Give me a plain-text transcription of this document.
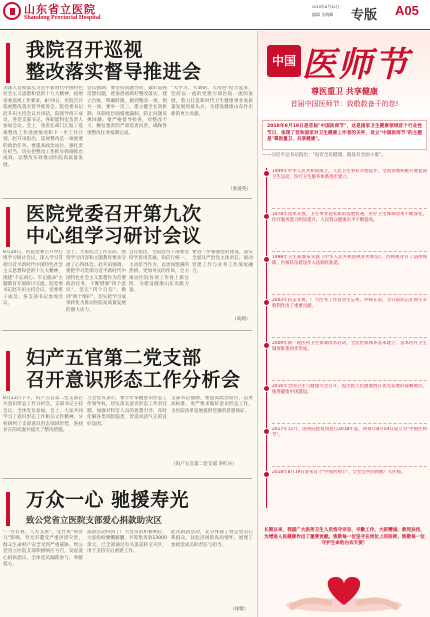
山东省立医院
Shandong Provincial Hospital
2019年8月31日
编辑 戈晓峰 专版 A05
我院召开巡视
整改落实督导推进会
为深入贯彻落实习近平新时代中国特色社会主义思想和党的十九大精神，按照省委巡视工作要求，8月9日，医院召开巡视整改落实督导推进会。院党委书记赵升田主持会议并讲话，院领导班子成员、各党支部书记、各职能科室负责人参加会议。会上，各责任部门汇报了巡视整改工作进展情况和下一步工作计划。赵升田指出，巡视整改是一项重要的政治任务，要提高政治站位，强化责任担当，切实把整改工作抓实抓细抓出成效，以整改实效推动医院高质量发展。
会议强调，要坚持问题导向，紧盯巡视反馈问题，逐条逐项抓好整改落实，建立台账，明确时限，做到整改一项、销号一项。要举一反三，建立健全长效机制，从制度层面堵塞漏洞，防止问题反弹回潮。要严格督导检查，对整改不力、敷衍塞责的严肃追责问责，确保各项整改任务按期完成。
"大学习、大调研、大改进"结合起来，坚持以一流的党建引领医院一流的发展，着力打造新时代卫生健康事业高质量发展的排头兵，为建设健康山东作出新的更大贡献。
（张爱英）
医院党委召开第九次
中心组学习研讨会议
8月20日，医院党委召开中心组学习研讨会议，深入学习贯彻习近平新时代中国特色社会主义思想和党的十九大精神，围绕"不忘初心、牢记使命"主题教育开展研讨交流。院党委书记赵升田主持会议，党委班子成员、各支部书记参加会议。
会上，大家结合工作实际，围绕学习内容和主题教育要求交流了心得体会。赵升田强调，要把学习贯彻习近平新时代中国特色社会主义思想作为首要政治任务，不断增强"四个意识"、坚定"四个自信"、做到"两个维护"，切实把学习成果转化为推动医院高质量发展的强大动力。
会议指出，全院党员干部要坚持学思用贯通、知信行统一，主动担当作为，以更加饱满的热情、更加务实的作风，全力推动医院各项工作再上新台阶，为建设健康山东贡献力量。
要进一步加强党的建设，落实全面从严治党主体责任，推动党建工作与业务工作深度融合。
（高婧）
妇产五官第二党支部
召开意识形态工作分析会
8月23日下午，妇产五官第二党支部召开意识形态工作分析会。支部书记主持会议，全体党员参加。会上，大家共同学习了意识形态工作相关文件精神，分析研判了支部意识形态领域形势，查找存在的问题并提出了整改措施。
与会党员表示，要牢牢掌握意识形态工作领导权，切实落实意识形态工作责任制，加强对科室人员的思想引导，及时化解各类风险隐患，营造风清气正的良好氛围。
支部书记强调，要提高政治站位，以更高标准、更严要求做好意识形态工作，为医院改革发展提供坚强的思想保证。
（妇产五官第二党支部 李红兵）
万众一心 驰援寿光
致公党省立医院支部爱心捐款助灾区
"一方有难，八方支援"。受台风"利奇马"影响，寿光市遭受严重洪涝灾害，群众生命财产安全受到严重威胁。致公党省立医院支部积极响应号召，发起爱心捐款倡议，全体党员踊跃参与，奉献爱心。
捐款活动得到了广大党员的积极响应，大家纷纷慷慨解囊，共筹集善款13000余元，已全部通过有关渠道转交灾区，用于支持灾后重建工作。
此次捐款活动，充分体现了致公党员心系群众、扶危济困的高尚情怀，展现了参政党成员的责任与担当。
（徐婕）
中国 医师节
尊医重卫 共享健康
首届中国医师节：致敬救备千的您!
2018年8月19日是首届"中国医师节"，这是国家卫生健康领域首个行业性节日，体现了党和国家对卫生健康工作者的关怀，设立"中国医师节"的主题是"尊医重卫、共享健康"。
——习近平总书记指出："没有全民健康，就没有全面小康"。
1949年中华人民共和国成立，人民卫生事业开始起步，全国各地积极开展爱国卫生运动，医疗卫生服务体系逐步建立。
1978年改革开放，卫生事业迎来新的发展机遇，医疗卫生体制改革不断深化，医疗服务能力明显提升，人民群众健康水平不断提高。
1998年卫生部颁布实施《中华人民共和国执业医师法》，医师执业有了法律保障，医师队伍建设步入法制化轨道。
2003年抗击非典，广大医务工作者舍生忘死、冲锋在前，为夺取抗击非典斗争胜利作出了重要贡献。
2009年新一轮医药卫生体制改革启动，全民医保体系基本建立，基本医疗卫生制度框架初步形成。
2016年全国卫生与健康大会召开，提出把人民健康放在优先发展的战略地位，推进健康中国建设。
2017年11月，国务院批复同意自2018年起，将每年8月19日设立为"中国医师节"。
2018年8月19日迎来首个"中国医师节"，全社会共同致敬广大医师。
长期以来，我国广大医务卫生人员恪守宗旨、辛勤工作，大医精诚、救死扶伤，为增进人民健康作出了重要贡献。致敬每一位坚守在岗位上的医师，致敬每一位守护生命的白衣天使！
